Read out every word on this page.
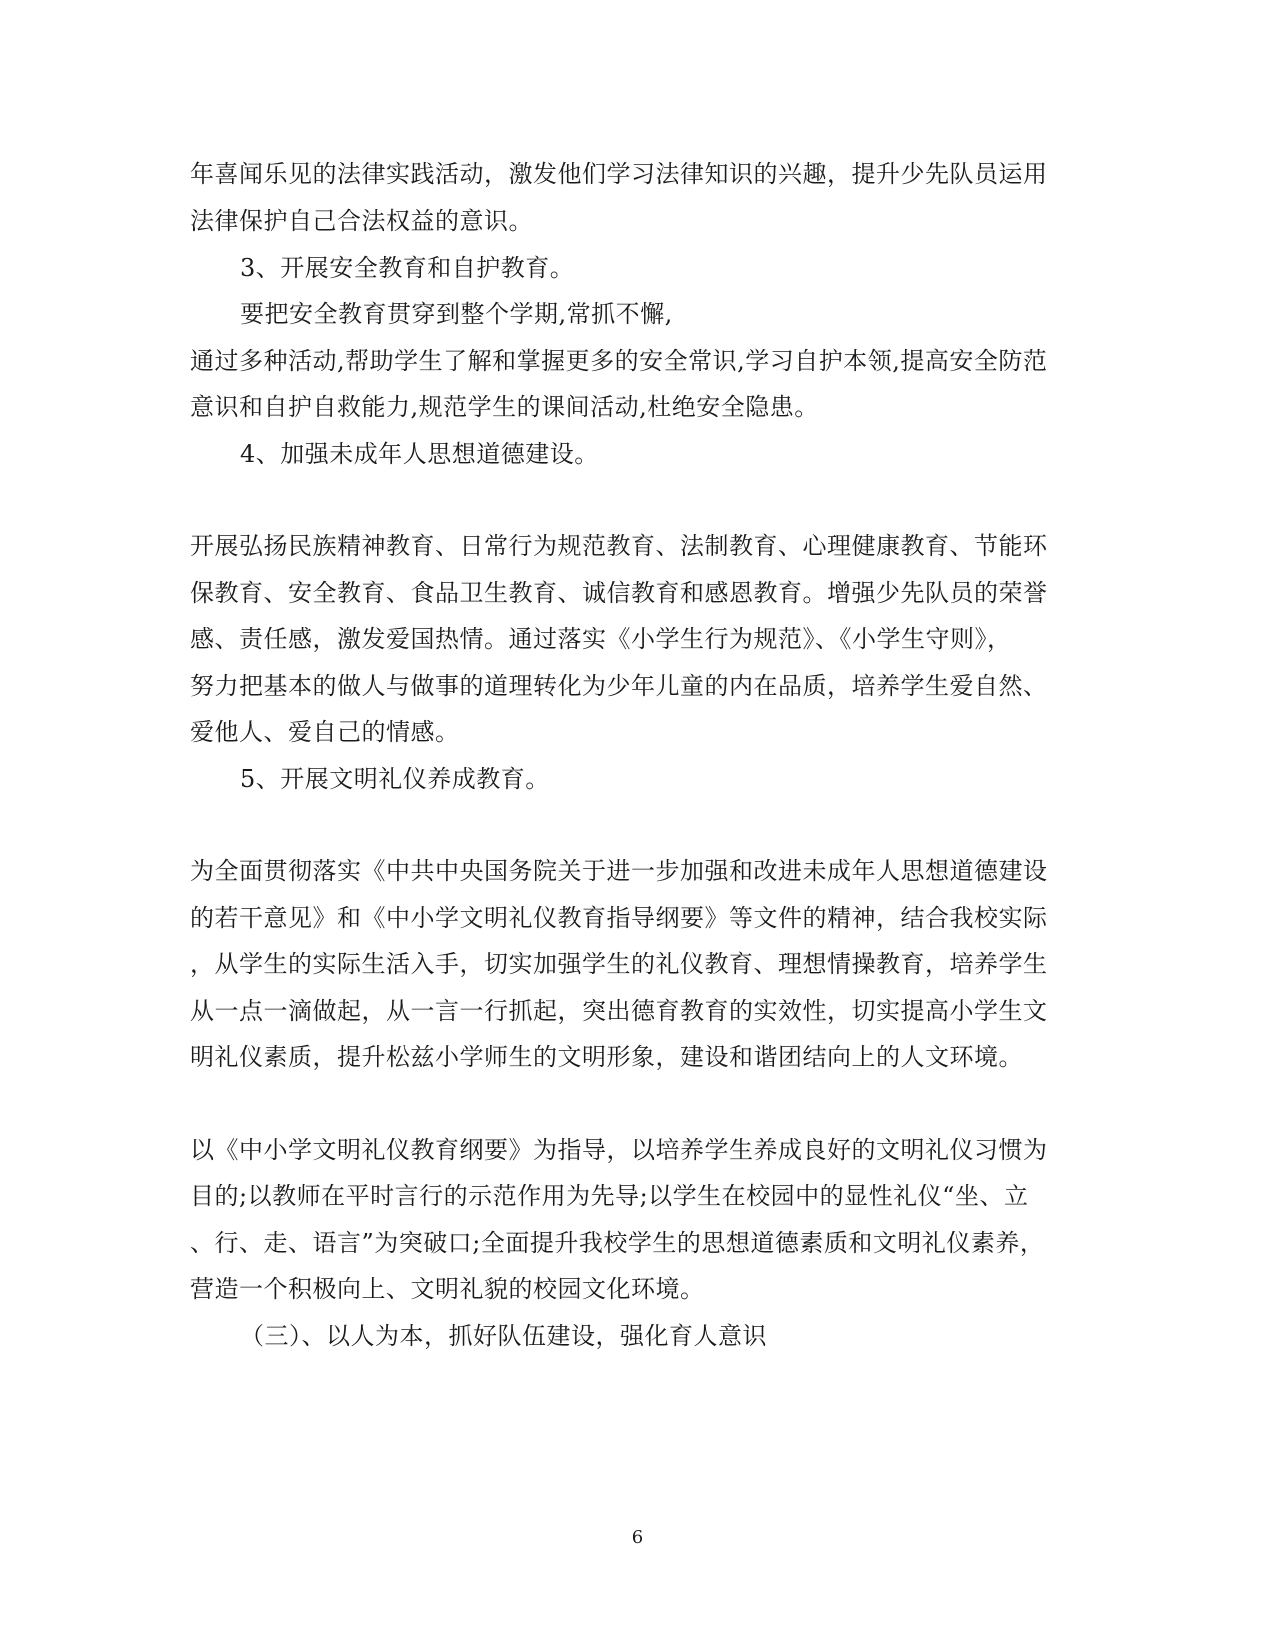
年喜闻乐见的法律实践活动，激发他们学习法律知识的兴趣，提升少先队员运用
法律保护自己合法权益的意识。
3、开展安全教育和自护教育。
要把安全教育贯穿到整个学期,常抓不懈,
通过多种活动,帮助学生了解和掌握更多的安全常识,学习自护本领,提高安全防范
意识和自护自救能力,规范学生的课间活动,杜绝安全隐患。
4、加强未成年人思想道德建设。
开展弘扬民族精神教育、日常行为规范教育、法制教育、心理健康教育、节能环
保教育、安全教育、食品卫生教育、诚信教育和感恩教育。增强少先队员的荣誉
感、责任感，激发爱国热情。通过落实《小学生行为规范》、《小学生守则》，
努力把基本的做人与做事的道理转化为少年儿童的内在品质，培养学生爱自然、
爱他人、爱自己的情感。
5、开展文明礼仪养成教育。
为全面贯彻落实《中共中央国务院关于进一步加强和改进未成年人思想道德建设
的若干意见》和《中小学文明礼仪教育指导纲要》等文件的精神，结合我校实际
，从学生的实际生活入手，切实加强学生的礼仪教育、理想情操教育，培养学生
从一点一滴做起，从一言一行抓起，突出德育教育的实效性，切实提高小学生文
明礼仪素质，提升松兹小学师生的文明形象，建设和谐团结向上的人文环境。
以《中小学文明礼仪教育纲要》为指导，以培养学生养成良好的文明礼仪习惯为
目的;以教师在平时言行的示范作用为先导;以学生在校园中的显性礼仪“坐、立
、行、走、语言”为突破口;全面提升我校学生的思想道德素质和文明礼仪素养，
营造一个积极向上、文明礼貌的校园文化环境。
（三）、以人为本，抓好队伍建设，强化育人意识
6
